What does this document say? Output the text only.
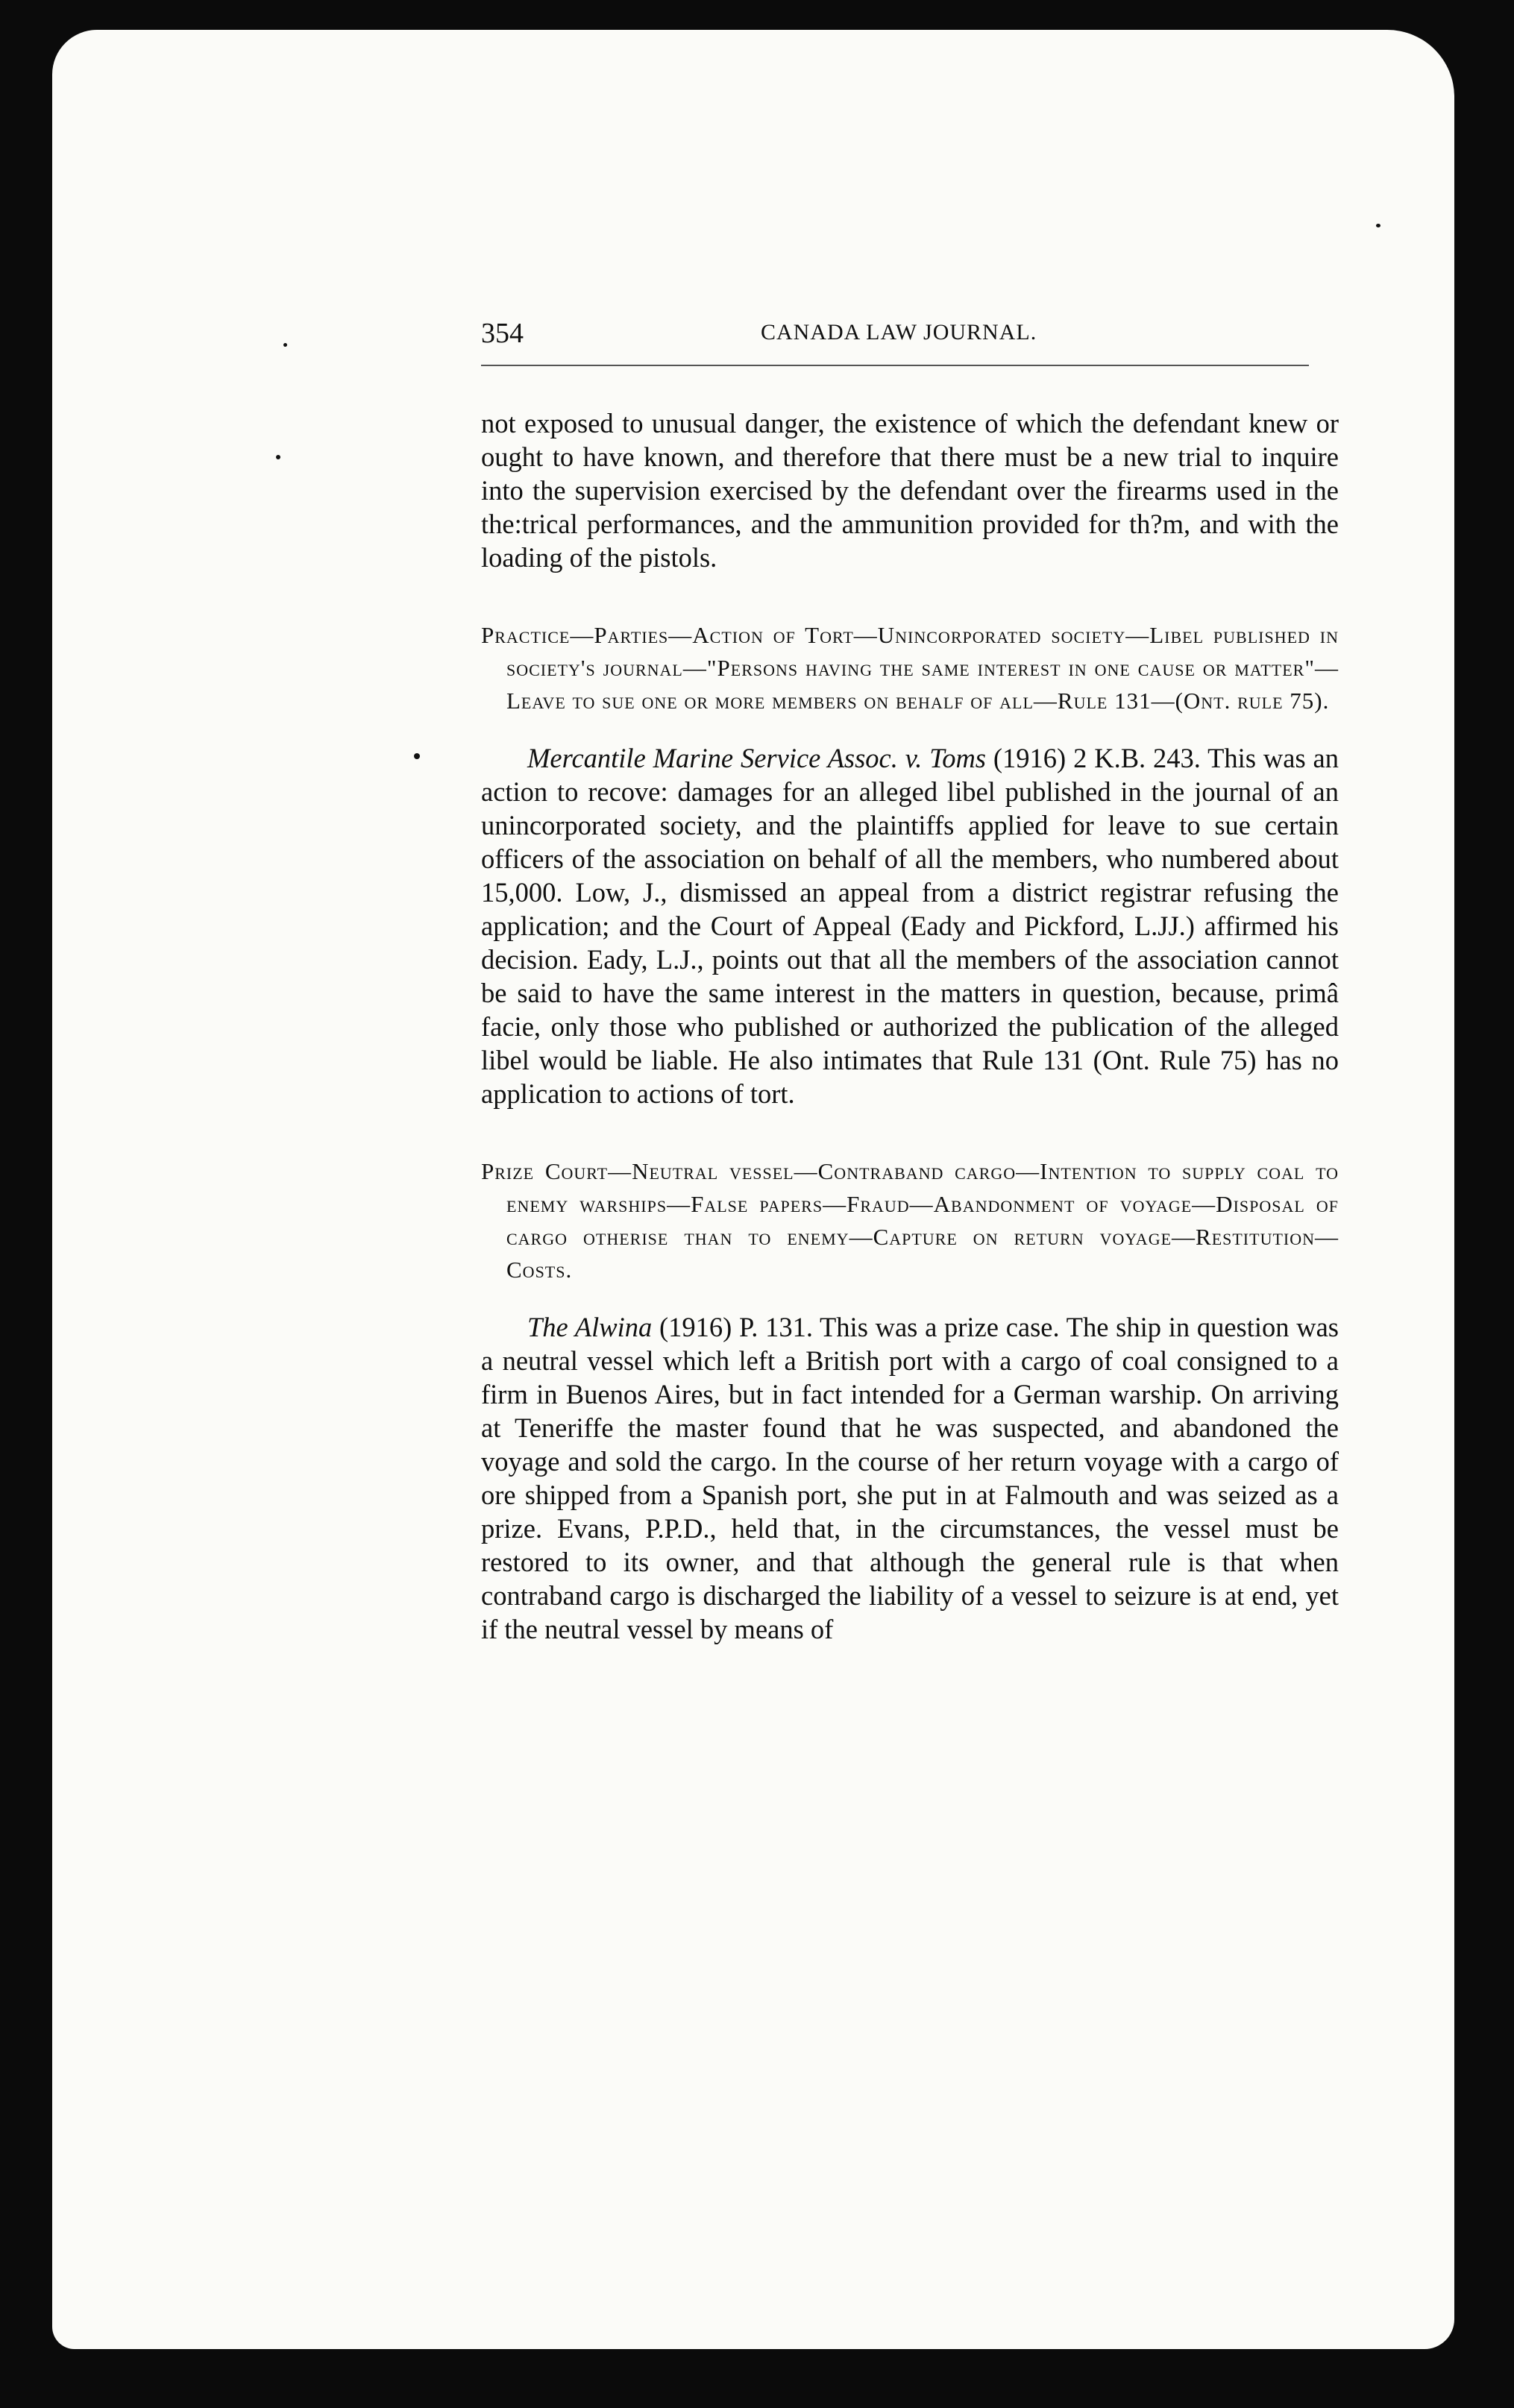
354	CANADA LAW JOURNAL.

not exposed to unusual danger, the existence of which the defendant knew or ought to have known, and therefore that there must be a new trial to inquire into the supervision exercised by the defendant over the firearms used in the the:trical performances, and the ammunition provided for th?m, and with the loading of the pistols.

Practice—Parties—Action of Tort—Unincorporated society—Libel published in society's journal—"Persons having the same interest in one cause or matter"—Leave to sue one or more members on behalf of all—Rule 131—(Ont. rule 75).

Mercantile Marine Service Assoc. v. Toms (1916) 2 K.B. 243. This was an action to recove: damages for an alleged libel published in the journal of an unincorporated society, and the plaintiffs applied for leave to sue certain officers of the association on behalf of all the members, who numbered about 15,000. Low, J., dismissed an appeal from a district registrar refusing the application; and the Court of Appeal (Eady and Pickford, L.JJ.) affirmed his decision. Eady, L.J., points out that all the members of the association cannot be said to have the same interest in the matters in question, because, primâ facie, only those who published or authorized the publication of the alleged libel would be liable. He also intimates that Rule 131 (Ont. Rule 75) has no application to actions of tort.

Prize Court—Neutral vessel—Contraband cargo—Intention to supply coal to enemy warships—False papers—Fraud—Abandonment of voyage—Disposal of cargo otherise than to enemy—Capture on return voyage—Restitution—Costs.

The Alwina (1916) P. 131. This was a prize case. The ship in question was a neutral vessel which left a British port with a cargo of coal consigned to a firm in Buenos Aires, but in fact intended for a German warship. On arriving at Teneriffe the master found that he was suspected, and abandoned the voyage and sold the cargo. In the course of her return voyage with a cargo of ore shipped from a Spanish port, she put in at Falmouth and was seized as a prize. Evans, P.P.D., held that, in the circumstances, the vessel must be restored to its owner, and that although the general rule is that when contraband cargo is discharged the liability of a vessel to seizure is at end, yet if the neutral vessel by means of
